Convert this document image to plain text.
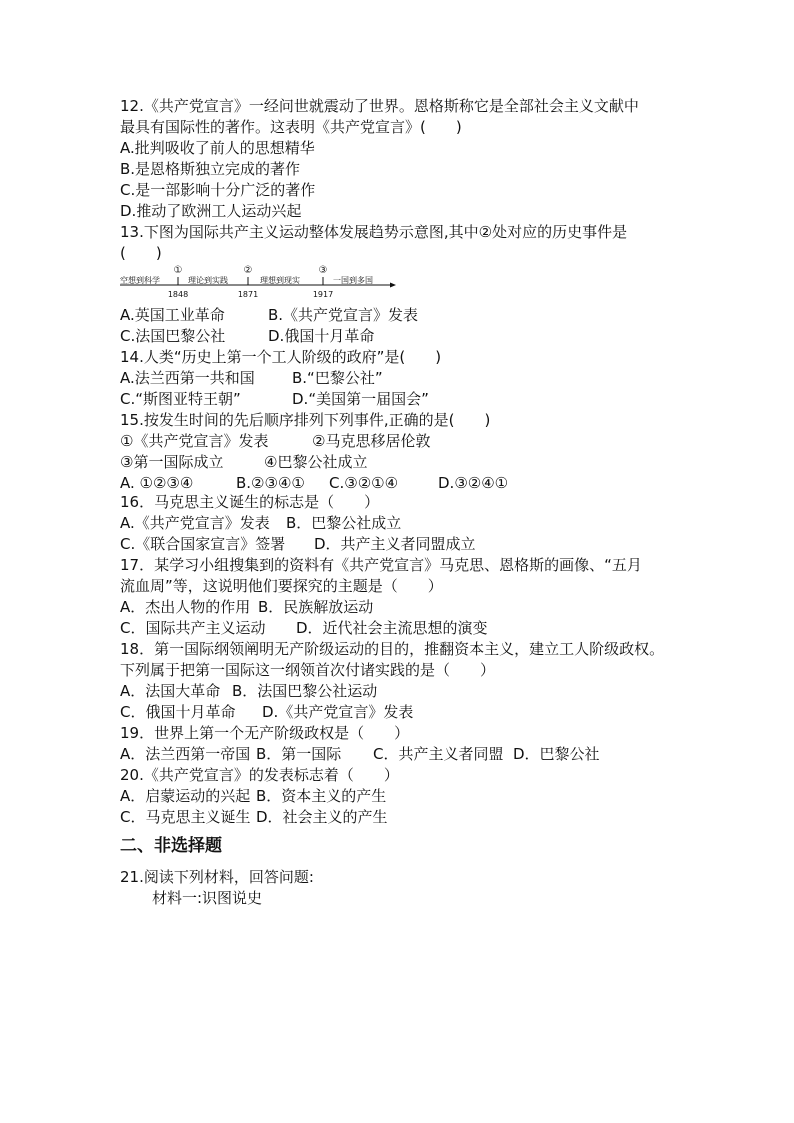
12.《共产党宣言》一经问世就震动了世界。恩格斯称它是全部社会主义文献中
最具有国际性的著作。这表明《共产党宣言》(　　)
A.批判吸收了前人的思想精华
B.是恩格斯独立完成的著作
C.是一部影响十分广泛的著作
D.推动了欧洲工人运动兴起
13.下图为国际共产主义运动整体发展趋势示意图,其中②处对应的历史事件是
(　　)
空想到科学	理论到实践	理想到现实	一国到多国
①	②	③
1848	1871	1917
A.英国工业革命	B.《共产党宣言》发表
C.法国巴黎公社	D.俄国十月革命
14.人类“历史上第一个工人阶级的政府”是(　　)
A.法兰西第一共和国 B.“巴黎公社”
C.“斯图亚特王朝”	D.“美国第一届国会”
15.按发生时间的先后顺序排列下列事件,正确的是(　　)
①《共产党宣言》发表	②马克思移居伦敦
③第一国际成立	④巴黎公社成立
A. ①②③④	B.②③④① C.③②①④	D.③②④①
16．马克思主义诞生的标志是（　　）
A.《共产党宣言》发表 B．巴黎公社成立
C.《联合国家宣言》签署 D．共产主义者同盟成立
17．某学习小组搜集到的资料有《共产党宣言》马克思、恩格斯的画像、“五月
流血周”等，这说明他们要探究的主题是（　　）
A．杰出人物的作用 B．民族解放运动
C．国际共产主义运动 D．近代社会主流思想的演变
18．第一国际纲领阐明无产阶级运动的目的，推翻资本主义，建立工人阶级政权。
下列属于把第一国际这一纲领首次付诸实践的是（　　）
A．法国大革命 B．法国巴黎公社运动
C．俄国十月革命 D.《共产党宣言》发表
19．世界上第一个无产阶级政权是（　　）
A．法兰西第一帝国 B．第一国际 C．共产主义者同盟 D．巴黎公社
20.《共产党宣言》的发表标志着（　　）
A．启蒙运动的兴起 B．资本主义的产生
C．马克思主义诞生 D．社会主义的产生
二、非选择题
21.阅读下列材料，回答问题:
材料一:识图说史
